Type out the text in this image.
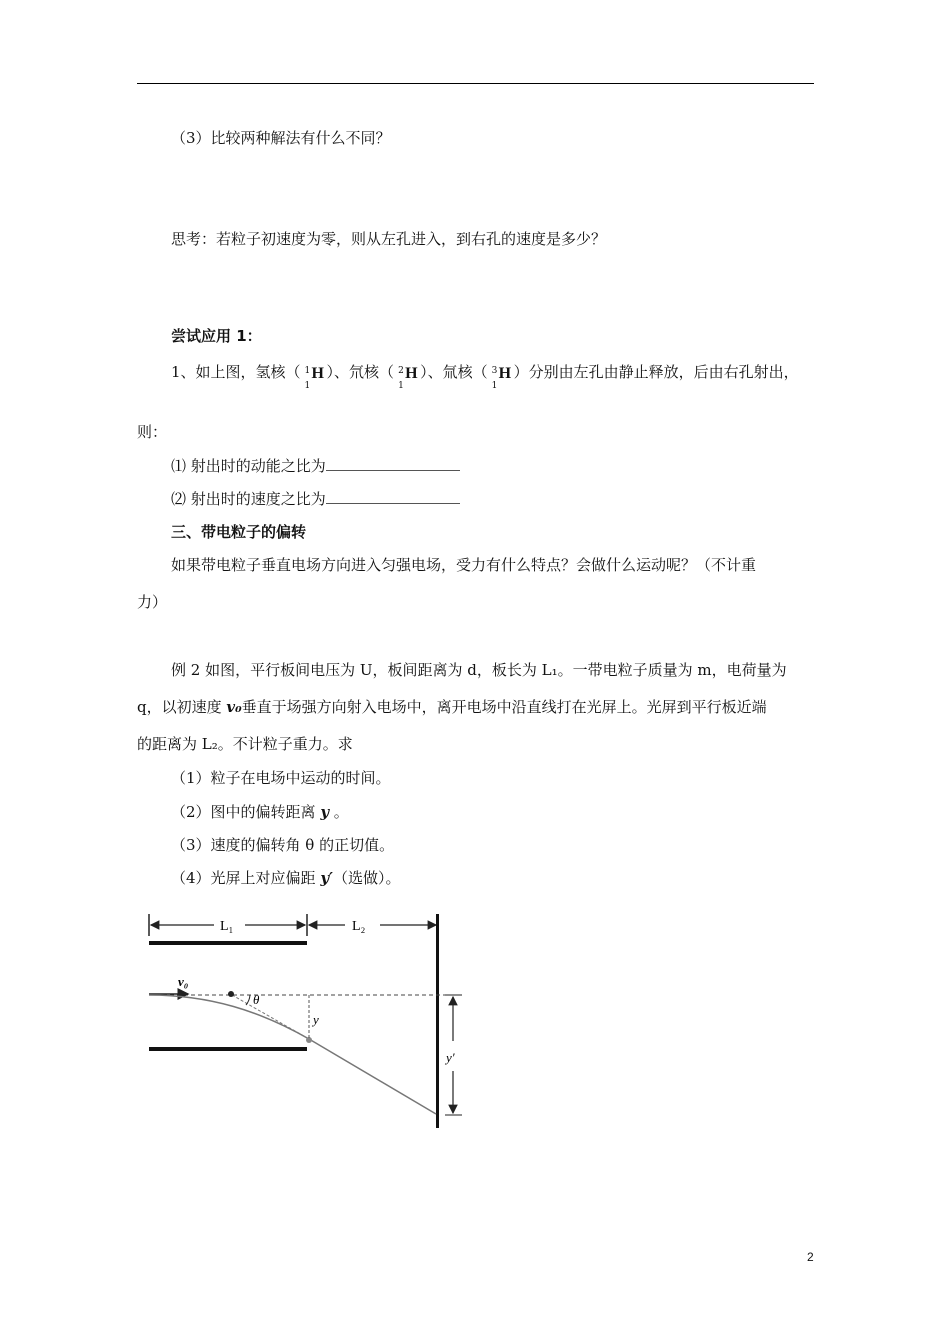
（3）比较两种解法有什么不同？
思考：若粒子初速度为零，则从左孔进入，到右孔的速度是多少？
尝试应用 1：
1、如上图，氢核（ 1
1
H ）、氘核（ 2
1
H ）、氚核（ 3
1
H ）分别由左孔由静止释放，后由右孔射出，
则：
⑴ 射出时的动能之比为
⑵ 射出时的速度之比为
三、带电粒子的偏转
如果带电粒子垂直电场方向进入匀强电场，受力有什么特点？会做什么运动呢？（不计重
力）
例 2 如图，平行板间电压为 U，板间距离为 d，板长为 L₁。一带电粒子质量为 m，电荷量为
q，以初速度 v₀垂直于场强方向射入电场中，离开电场中沿直线打在光屏上。光屏到平行板近端
的距离为 L₂。不计粒子重力。求
（1）粒子在电场中运动的时间。
（2）图中的偏转距离 y 。
（3）速度的偏转角 θ 的正切值。
（4）光屏上对应偏距 y′（选做）。
L₁	L₂
v₀
θ
y
y′
2
